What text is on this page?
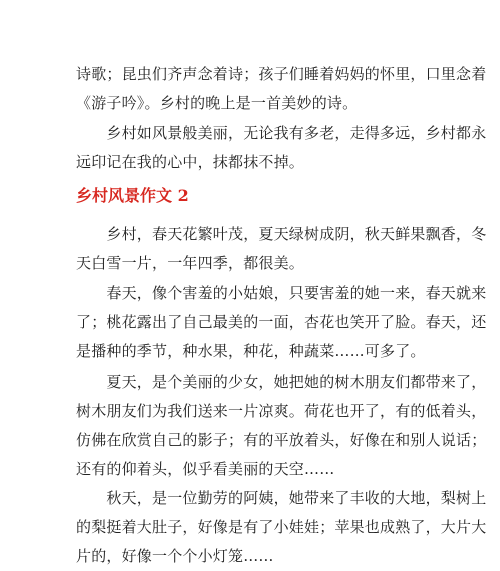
诗歌；昆虫们齐声念着诗；孩子们睡着妈妈的怀里，口里念着
《游子吟》。乡村的晚上是一首美妙的诗。

　　乡村如风景般美丽，无论我有多老，走得多远，乡村都永
远印记在我的心中，抹都抹不掉。

乡村风景作文 2

　　乡村，春天花繁叶茂，夏天绿树成阴，秋天鲜果飘香，冬
天白雪一片，一年四季，都很美。

　　春天，像个害羞的小姑娘，只要害羞的她一来，春天就来
了；桃花露出了自己最美的一面，杏花也笑开了脸。春天，还
是播种的季节，种水果，种花，种蔬菜……可多了。

　　夏天，是个美丽的少女，她把她的树木朋友们都带来了，
树木朋友们为我们送来一片凉爽。荷花也开了，有的低着头，
仿佛在欣赏自己的影子；有的平放着头，好像在和别人说话；
还有的仰着头，似乎看美丽的天空……

　　秋天，是一位勤劳的阿姨，她带来了丰收的大地，梨树上
的梨挺着大肚子，好像是有了小娃娃；苹果也成熟了，大片大
片的，好像一个个小灯笼……
